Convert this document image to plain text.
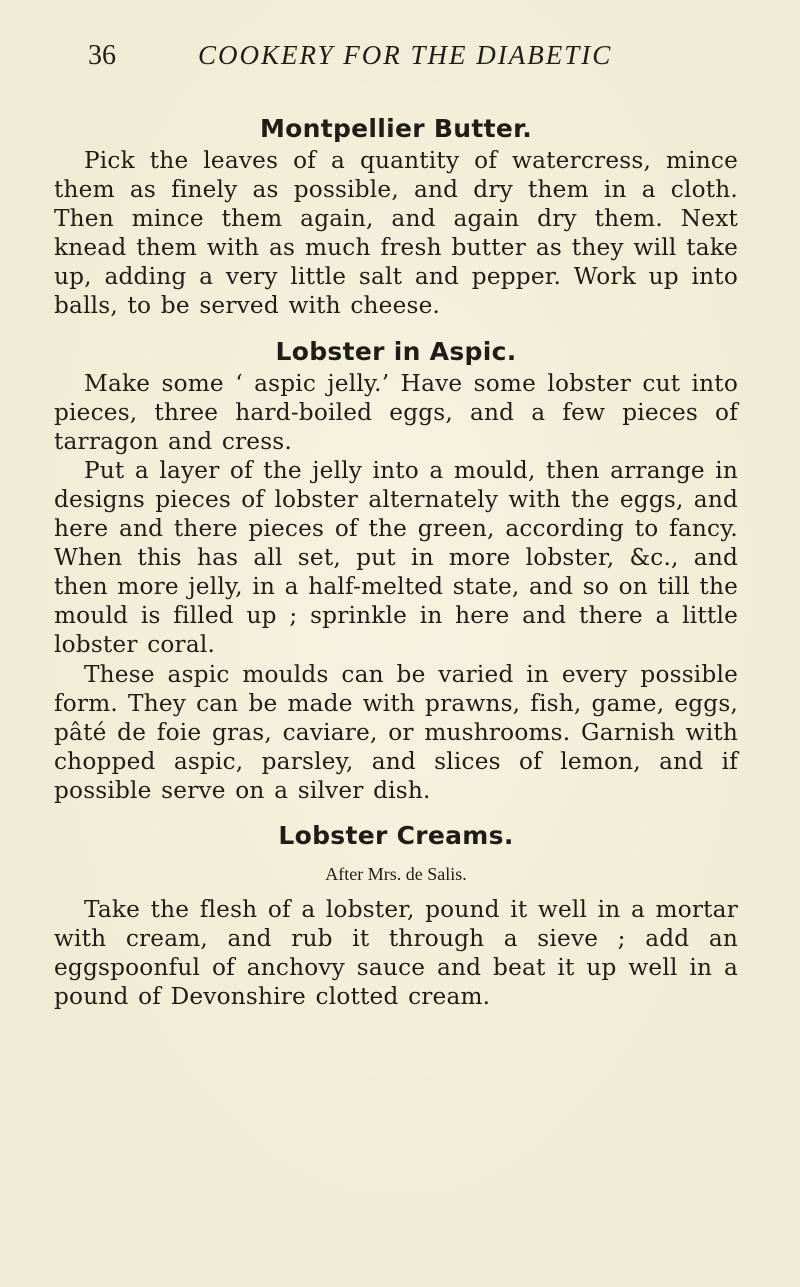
36	COOKERY FOR THE DIABETIC
Montpellier Butter.

Pick the leaves of a quantity of watercress, mince them as finely as possible, and dry them in a cloth. Then mince them again, and again dry them. Next knead them with as much fresh butter as they will take up, adding a very little salt and pepper. Work up into balls, to be served with cheese.

Lobster in Aspic.

Make some ‘ aspic jelly.’ Have some lobster cut into pieces, three hard-boiled eggs, and a few pieces of tarragon and cress.

Put a layer of the jelly into a mould, then arrange in designs pieces of lobster alternately with the eggs, and here and there pieces of the green, according to fancy. When this has all set, put in more lobster, &c., and then more jelly, in a half-melted state, and so on till the mould is filled up ; sprinkle in here and there a little lobster coral.

These aspic moulds can be varied in every possible form. They can be made with prawns, fish, game, eggs, pâté de foie gras, caviare, or mushrooms. Garnish with chopped aspic, parsley, and slices of lemon, and if possible serve on a silver dish.

Lobster Creams.
After Mrs. de Salis.

Take the flesh of a lobster, pound it well in a mortar with cream, and rub it through a sieve ; add an eggspoonful of anchovy sauce and beat it up well in a pound of Devonshire clotted cream.
